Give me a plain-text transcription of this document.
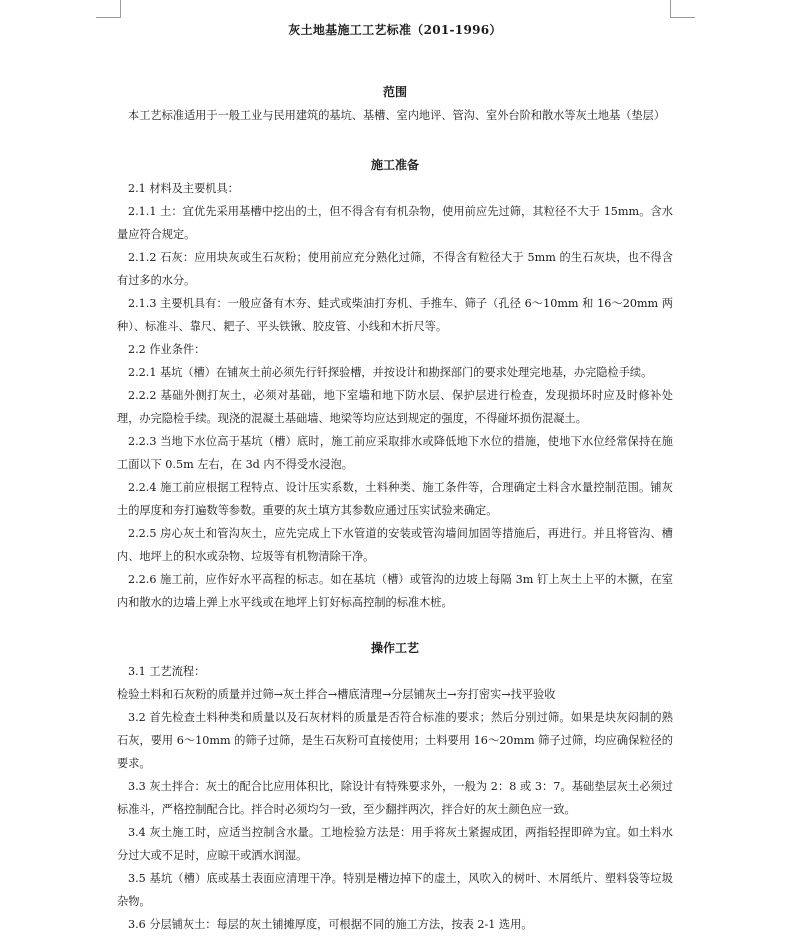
灰土地基施工工艺标准（201-1996）
范围
本工艺标准适用于一般工业与民用建筑的基坑、基槽、室内地评、管沟、室外台阶和散水等灰土地基（垫层）
施工准备
2.1 材料及主要机具：
2.1.1 土：宜优先采用基槽中挖出的土，但不得含有有机杂物，使用前应先过筛，其粒径不大于 15mm。含水量应符合规定。
2.1.2 石灰：应用块灰或生石灰粉；使用前应充分熟化过筛，不得含有粒径大于 5mm 的生石灰块，也不得含有过多的水分。
2.1.3 主要机具有：一般应备有木夯、蛙式或柴油打夯机、手推车、筛子（孔径 6～10mm 和 16～20mm 两种）、标准斗、靠尺、耙子、平头铁锹、胶皮管、小线和木折尺等。
2.2 作业条件：
2.2.1 基坑（槽）在铺灰土前必须先行钎探验槽，并按设计和勘探部门的要求处理完地基，办完隐检手续。
2.2.2 基础外侧打灰土，必须对基础，地下室墙和地下防水层、保护层进行检查，发现损坏时应及时修补处理，办完隐检手续。现浇的混凝土基础墙、地梁等均应达到规定的强度，不得碰坏损伤混凝土。
2.2.3 当地下水位高于基坑（槽）底时，施工前应采取排水或降低地下水位的措施，使地下水位经常保持在施工面以下 0.5m 左右，在 3d 内不得受水浸泡。
2.2.4 施工前应根据工程特点、设计压实系数，土料种类、施工条件等，合理确定土料含水量控制范围。铺灰土的厚度和夯打遍数等参数。重要的灰土填方其参数应通过压实试验来确定。
2.2.5 房心灰土和管沟灰土，应先完成上下水管道的安装或管沟墙间加固等措施后，再进行。并且将管沟、槽内、地坪上的积水或杂物、垃圾等有机物清除干净。
2.2.6 施工前，应作好水平高程的标志。如在基坑（槽）或管沟的边坡上每隔 3m 钉上灰土上平的木撅，在室内和散水的边墙上弹上水平线或在地坪上钉好标高控制的标准木桩。
操作工艺
3.1 工艺流程：
检验土料和石灰粉的质量并过筛→灰土拌合→槽底清理→分层铺灰土→夯打密实→找平验收
3.2 首先检查土料种类和质量以及石灰材料的质量是否符合标准的要求；然后分别过筛。如果是块灰闷制的熟石灰，要用 6～10mm 的筛子过筛，是生石灰粉可直接使用；土料要用 16～20mm 筛子过筛，均应确保粒径的要求。
3.3 灰土拌合：灰土的配合比应用体积比，除设计有特殊要求外，一般为 2：8 或 3：7。基础垫层灰土必须过标准斗，严格控制配合比。拌合时必须均匀一致，至少翻拌两次，拌合好的灰土颜色应一致。
3.4 灰土施工时，应适当控制含水量。工地检验方法是：用手将灰土紧握成团，两指轻捏即碎为宜。如土料水分过大或不足时，应晾干或洒水润湿。
3.5 基坑（槽）底或基土表面应清理干净。特别是槽边掉下的虚土，风吹入的树叶、木屑纸片、塑料袋等垃圾杂物。
3.6 分层铺灰土：每层的灰土铺摊厚度，可根据不同的施工方法，按表 2-1 选用。
